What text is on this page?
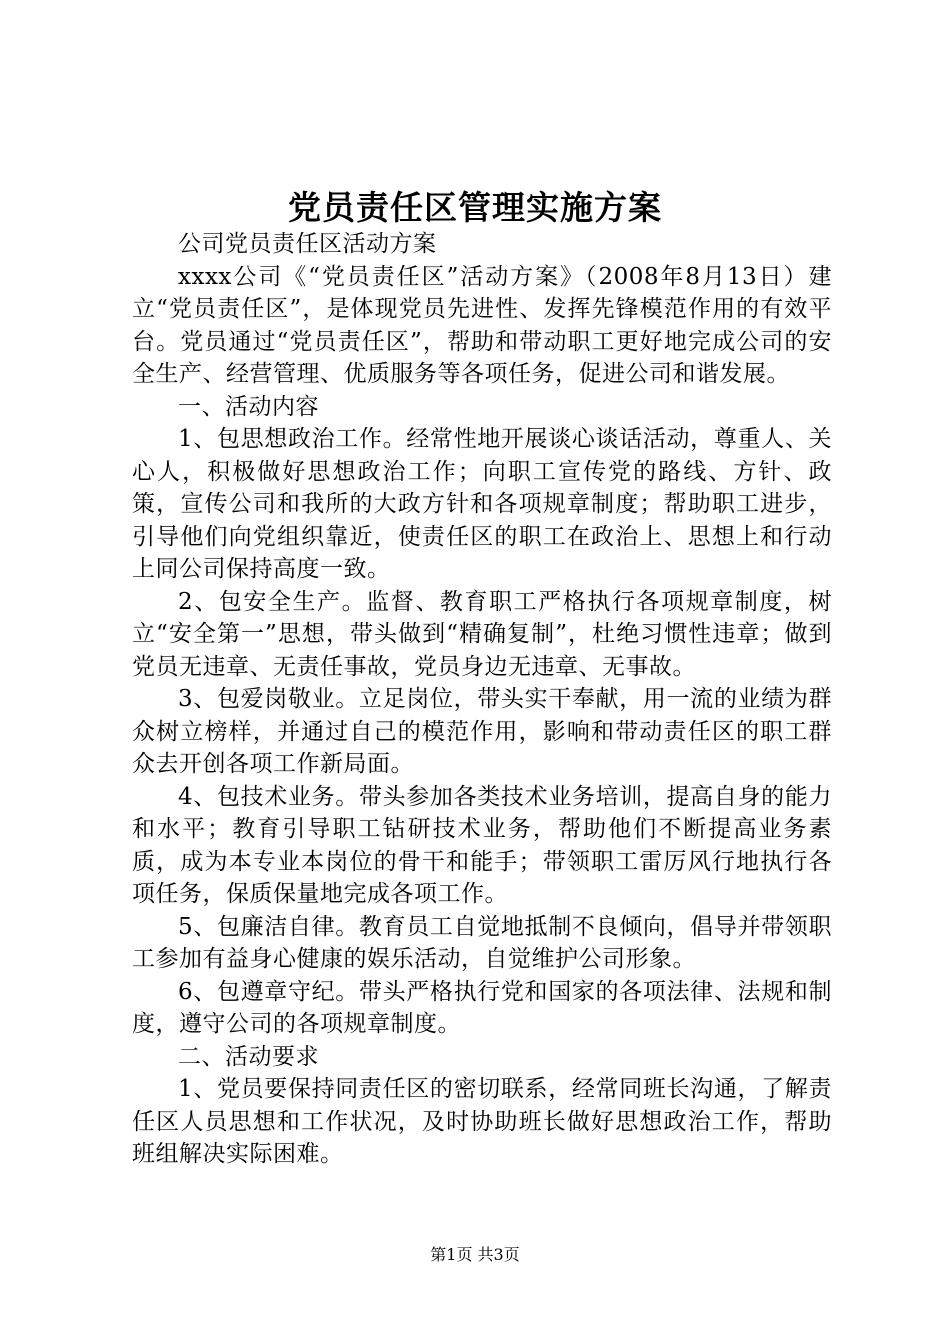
党员责任区管理实施方案

公司党员责任区活动方案

xxxx公司《“党员责任区”活动方案》（2008年8月13日）建立“党员责任区”，是体现党员先进性、发挥先锋模范作用的有效平台。党员通过“党员责任区”，帮助和带动职工更好地完成公司的安全生产、经营管理、优质服务等各项任务，促进公司和谐发展。

一、活动内容

1、包思想政治工作。经常性地开展谈心谈话活动，尊重人、关心人，积极做好思想政治工作；向职工宣传党的路线、方针、政策，宣传公司和我所的大政方针和各项规章制度；帮助职工进步，引导他们向党组织靠近，使责任区的职工在政治上、思想上和行动上同公司保持高度一致。

2、包安全生产。监督、教育职工严格执行各项规章制度，树立“安全第一”思想，带头做到“精确复制”，杜绝习惯性违章；做到党员无违章、无责任事故，党员身边无违章、无事故。

3、包爱岗敬业。立足岗位，带头实干奉献，用一流的业绩为群众树立榜样，并通过自己的模范作用，影响和带动责任区的职工群众去开创各项工作新局面。

4、包技术业务。带头参加各类技术业务培训，提高自身的能力和水平；教育引导职工钻研技术业务，帮助他们不断提高业务素质，成为本专业本岗位的骨干和能手；带领职工雷厉风行地执行各项任务，保质保量地完成各项工作。

5、包廉洁自律。教育员工自觉地抵制不良倾向，倡导并带领职工参加有益身心健康的娱乐活动，自觉维护公司形象。

6、包遵章守纪。带头严格执行党和国家的各项法律、法规和制度，遵守公司的各项规章制度。

二、活动要求

1、党员要保持同责任区的密切联系，经常同班长沟通，了解责任区人员思想和工作状况，及时协助班长做好思想政治工作，帮助班组解决实际困难。

第1页 共3页
